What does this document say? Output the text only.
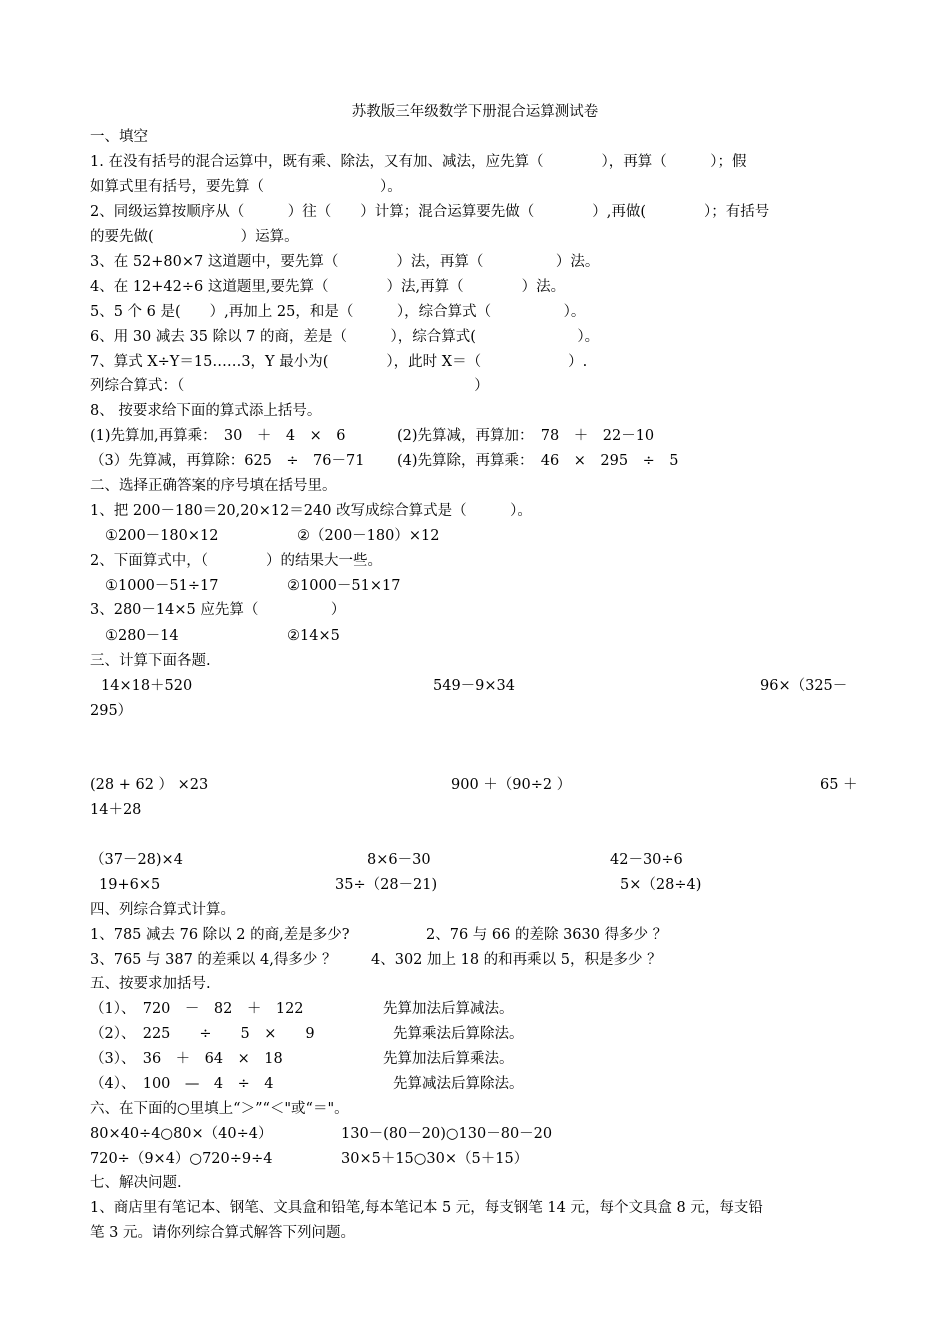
苏教版三年级数学下册混合运算测试卷
一、填空
1. 在没有括号的混合运算中，既有乘、除法，又有加、减法，应先算（　　　　），再算（　　　）；假
如算式里有括号，要先算（　　　　　　　　）。
2、同级运算按顺序从（　　　）往（　　）计算；混合运算要先做（　　　　）,再做(　　　　）；有括号
的要先做(　　　　　　）运算。
3、在 52+80×7 这道题中，要先算（　　　　）法，再算（　　　　　）法。
4、在 12+42÷6 这道题里,要先算（　　　　）法,再算（　　　　）法。
5、5 个 6 是(　　）,再加上 25，和是（　　　），综合算式（　　　　　）。
6、用 30 减去 35 除以 7 的商，差是（　　　），综合算式(　　　　　　　）。
7、算式 X÷Y＝15……3，Y 最小为(　　　　），此时 X＝（　　　　　　）.
列综合算式：（　　　　　　　　　　　　　　　　　　　　）
8、 按要求给下面的算式添上括号。
(1)先算加,再算乘：　30　＋　4　×　6	(2)先算减，再算加：　78　＋　22－10
（3）先算减，再算除：625　÷　76－71 (4)先算除，再算乘：　46　×　295　÷　5
二、选择正确答案的序号填在括号里。
1、把 200－180＝20,20×12＝240 改写成综合算式是（　　　）。
①200－180×12	②（200－180）×12
2、下面算式中，（　　　　）的结果大一些。
①1000－51÷17	②1000－51×17
3、280－14×5 应先算（　　　　　）
①280－14	②14×5
三、计算下面各题.
14×18＋520	549－9×34	96×（325－
295）
(28 + 62 ） ×23	900 ＋（90÷2 ）	65 ＋
14＋28
（37－28)×4	8×6－30	42－30÷6
19+6×5	35÷（28－21)	5×（28÷4)
四、列综合算式计算。
1、785 减去 76 除以 2 的商,差是多少?	2、76 与 66 的差除 3630 得多少 ？
3、765 与 387 的差乘以 4,得多少 ？ 4、302 加上 18 的和再乘以 5，积是多少 ？
五、按要求加括号.
（1）、　720　－　82　＋　122	先算加法后算减法。
（2）、　225　　÷　　5　×　　9	先算乘法后算除法。
（3）、　36　＋　64　×　18	先算加法后算乘法。
（4）、　100　—　4　÷　4	先算减法后算除法。
六、在下面的○里填上“＞”“＜"或“＝"。
80×40÷4○80×（40÷4）	130－(80－20)○130－80－20
720÷（9×4）○720÷9÷4	30×5＋15○30×（5＋15）
七、解决问题.
1、商店里有笔记本、钢笔、文具盒和铅笔,每本笔记本 5 元，每支钢笔 14 元，每个文具盒 8 元，每支铅
笔 3 元。请你列综合算式解答下列问题。
